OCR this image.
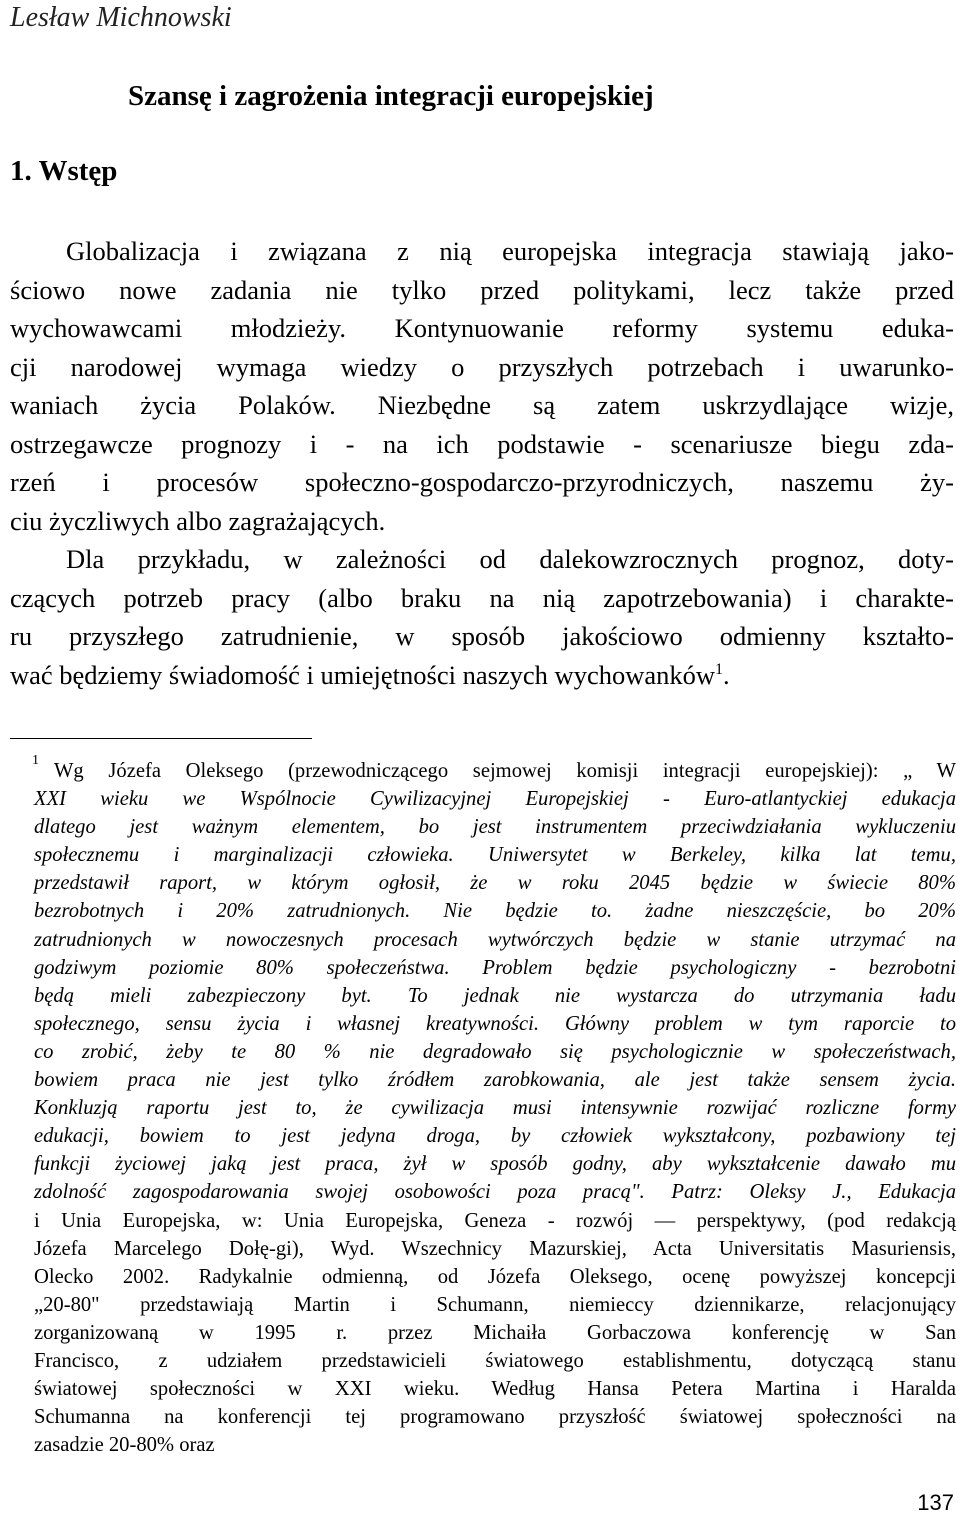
Lesław Michnowski
Szansę i zagrożenia integracji europejskiej
1. Wstęp

Globalizacja i związana z nią europejska integracja stawiają jako-
ściowo nowe zadania nie tylko przed politykami, lecz także przed
wychowawcami młodzieży. Kontynuowanie reformy systemu eduka-
cji narodowej wymaga wiedzy o przyszłych potrzebach i uwarunko-
waniach życia Polaków. Niezbędne są zatem uskrzydlające wizje,
ostrzegawcze prognozy i - na ich podstawie - scenariusze biegu zda-
rzeń i procesów społeczno-gospodarczo-przyrodniczych, naszemu ży-
ciu życzliwych albo zagrażających.

Dla przykładu, w zależności od dalekowzrocznych prognoz, doty-
czących potrzeb pracy (albo braku na nią zapotrzebowania) i charakte-
ru przyszłego zatrudnienie, w sposób jakościowo odmienny kształto-
wać będziemy świadomość i umiejętności naszych wychowanków$^1$.

1 Wg Józefa Oleksego (przewodniczącego sejmowej komisji integracji europejskiej): „ W
XXI wieku we Wspólnocie Cywilizacyjnej Europejskiej - Euro-atlantyckiej edukacja
dlatego jest ważnym elementem, bo jest instrumentem przeciwdziałania wykluczeniu
społecznemu i marginalizacji człowieka. Uniwersytet w Berkeley, kilka lat temu,
przedstawił raport, w którym ogłosił, że w roku 2045 będzie w świecie 80%
bezrobotnych i 20% zatrudnionych. Nie będzie to. żadne nieszczęście, bo 20%
zatrudnionych w nowoczesnych procesach wytwórczych będzie w stanie utrzymać na
godziwym poziomie 80% społeczeństwa. Problem będzie psychologiczny - bezrobotni
będą mieli zabezpieczony byt. To jednak nie wystarcza do utrzymania ładu
społecznego, sensu życia i własnej kreatywności. Główny problem w tym raporcie to
co zrobić, żeby te 80 % nie degradowało się psychologicznie w społeczeństwach,
bowiem praca nie jest tylko źródłem zarobkowania, ale jest także sensem życia.
Konkluzją raportu jest to, że cywilizacja musi intensywnie rozwijać rozliczne formy
edukacji, bowiem to jest jedyna droga, by człowiek wykształcony, pozbawiony tej
funkcji życiowej jaką jest praca, żył w sposób godny, aby wykształcenie dawało mu
zdolność zagospodarowania swojej osobowości poza pracą". Patrz: Oleksy J., Edukacja
i Unia Europejska, w: Unia Europejska, Geneza - rozwój — perspektywy, (pod redakcją
Józefa Marcelego Dołę-gi), Wyd. Wszechnicy Mazurskiej, Acta Universitatis Masuriensis,
Olecko 2002. Radykalnie odmienną, od Józefa Oleksego, ocenę powyższej koncepcji
„20-80" przedstawiają Martin i Schumann, niemieccy dziennikarze, relacjonujący
zorganizowaną w 1995 r. przez Michaiła Gorbaczowa konferencję w San
Francisco, z udziałem przedstawicieli światowego establishmentu, dotyczącą stanu
światowej społeczności w XXI wieku. Według Hansa Petera Martina i Haralda
Schumanna na konferencji tej programowano przyszłość światowej społeczności na
zasadzie 20-80% oraz
137
